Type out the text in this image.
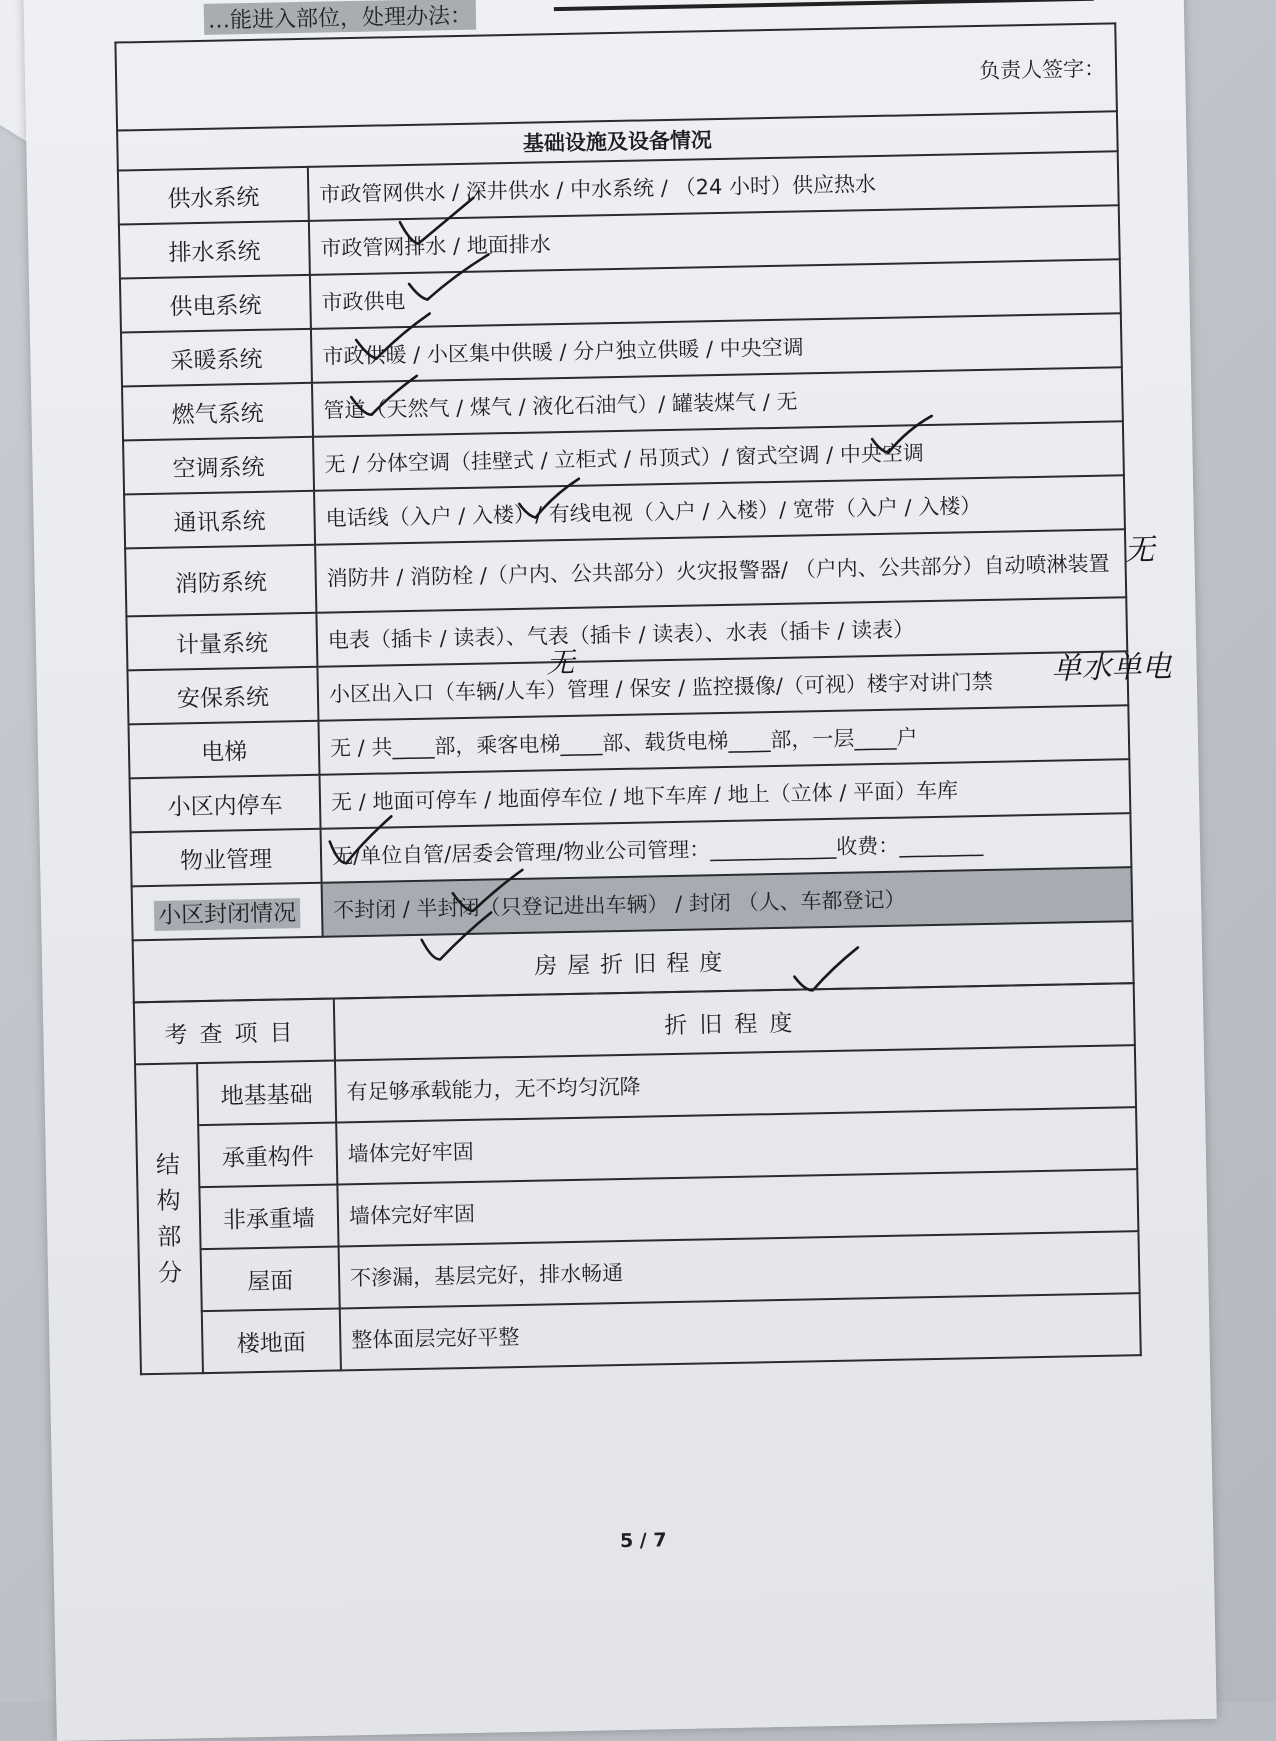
…能进入部位，处理办法：
负责人签字：	
基础设施及设备情况	
供水系统	市政管网供水 / 深井供水 / 中水系统 / （24 小时）供应热水
排水系统	市政管网排水 / 地面排水
供电系统	市政供电
采暖系统	市政供暖 / 小区集中供暖 / 分户独立供暖 / 中央空调
燃气系统	管道（天然气 / 煤气 / 液化石油气）/ 罐装煤气 / 无
空调系统	无 / 分体空调（挂壁式 / 立柜式 / 吊顶式）/ 窗式空调 / 中央空调
通讯系统	电话线（入户 / 入楼）/ 有线电视（入户 / 入楼）/ 宽带（入户 / 入楼）
消防系统	消防井 / 消防栓 /（户内、公共部分）火灾报警器/ （户内、公共部分）自动喷淋装置
计量系统	电表（插卡 / 读表）、气表（插卡 / 读表）、水表（插卡 / 读表）
安保系统	小区出入口（车辆/人车）管理 / 保安 / 监控摄像/（可视）楼宇对讲门禁
电梯	无 / 共____部，乘客电梯____部、载货电梯____部，一层____户
小区内停车	无 / 地面可停车 / 地面停车位 / 地下车库 / 地上（立体 / 平面）车库
物业管理	无/单位自管/居委会管理/物业公司管理：____________收费：________
小区封闭情况	不封闭 / 半封闭（只登记进出车辆） / 封闭 （人、车都登记）
房屋折旧程度	
考查项目		折旧程度

结
构
部
分	地基基础	有足够承载能力，无不均匀沉降
	承重构件	墙体完好牢固
	非承重墙	墙体完好牢固
	屋面	不渗漏，基层完好，排水畅通
	楼地面	整体面层完好平整
5 / 7
无
无	单水单电
